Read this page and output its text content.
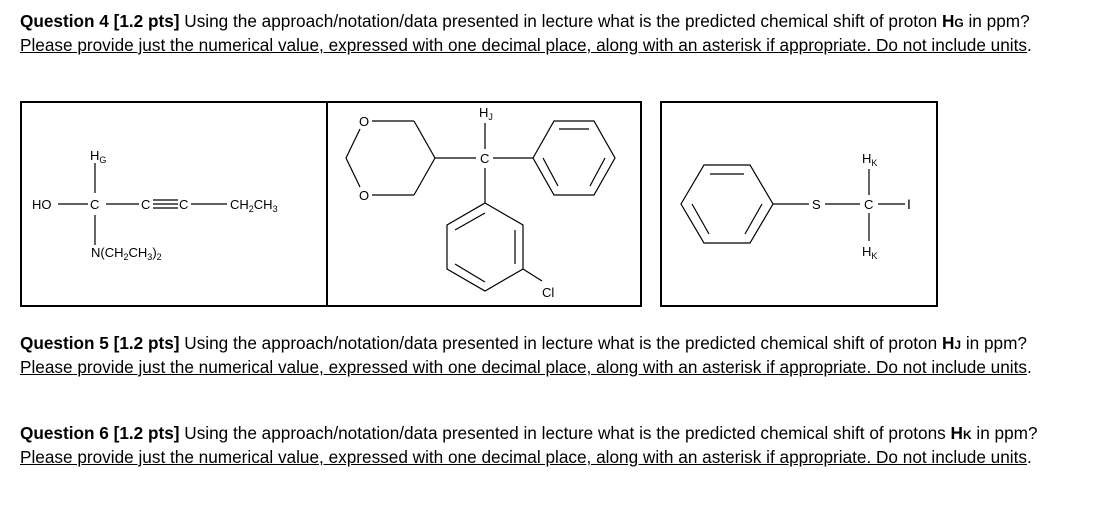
Question 4 [1.2 pts] Using the approach/notation/data presented in lecture what is the predicted chemical shift of proton HG in ppm? Please provide just the numerical value, expressed with one decimal place, along with an asterisk if appropriate. Do not include units.
HO	C	C C
$H_G$
$CH_2CH_3$
$N(CH_2CH_3)_2$
O
O
C
$H_J$
Cl
S	C I
$H_K$
$H_K$
Question 5 [1.2 pts] Using the approach/notation/data presented in lecture what is the predicted chemical shift of proton HJ in ppm? Please provide just the numerical value, expressed with one decimal place, along with an asterisk if appropriate. Do not include units.
Question 6 [1.2 pts] Using the approach/notation/data presented in lecture what is the predicted chemical shift of protons HK in ppm? Please provide just the numerical value, expressed with one decimal place, along with an asterisk if appropriate. Do not include units.
